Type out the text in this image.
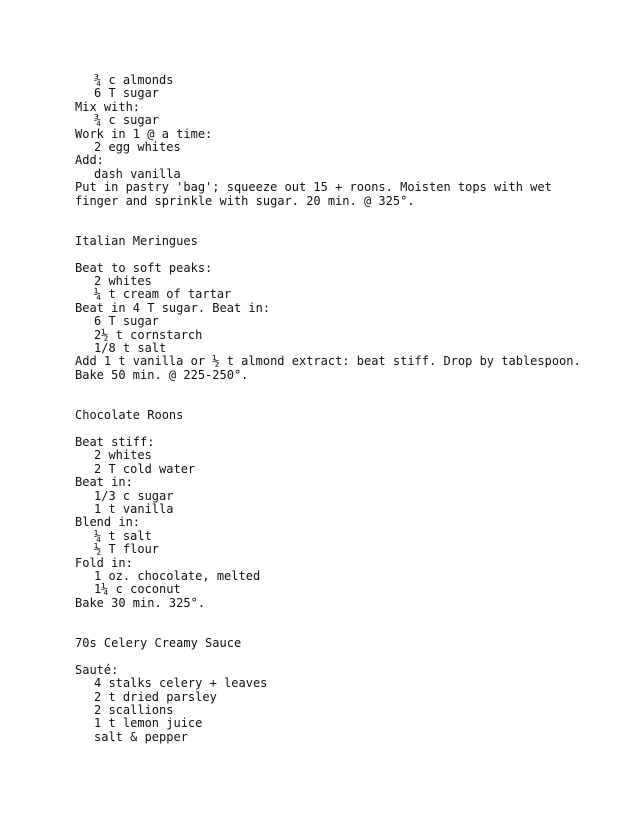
¾ c almonds
6 T sugar
Mix with:
¾ c sugar
Work in 1 @ a time:
2 egg whites
Add:
dash vanilla
Put in pastry 'bag'; squeeze out 15 + roons. Moisten tops with wet
finger and sprinkle with sugar. 20 min. @ 325°.
Italian Meringues
Beat to soft peaks:
2 whites
¼ t cream of tartar
Beat in 4 T sugar. Beat in:
6 T sugar
2½ t cornstarch
1/8 t salt
Add 1 t vanilla or ½ t almond extract: beat stiff. Drop by tablespoon.
Bake 50 min. @ 225-250°.
Chocolate Roons
Beat stiff:
2 whites
2 T cold water
Beat in:
1/3 c sugar
1 t vanilla
Blend in:
¼ t salt
½ T flour
Fold in:
1 oz. chocolate, melted
1¼ c coconut
Bake 30 min. 325°.
70s Celery Creamy Sauce
Sauté:
4 stalks celery + leaves
2 t dried parsley
2 scallions
1 t lemon juice
salt & pepper
